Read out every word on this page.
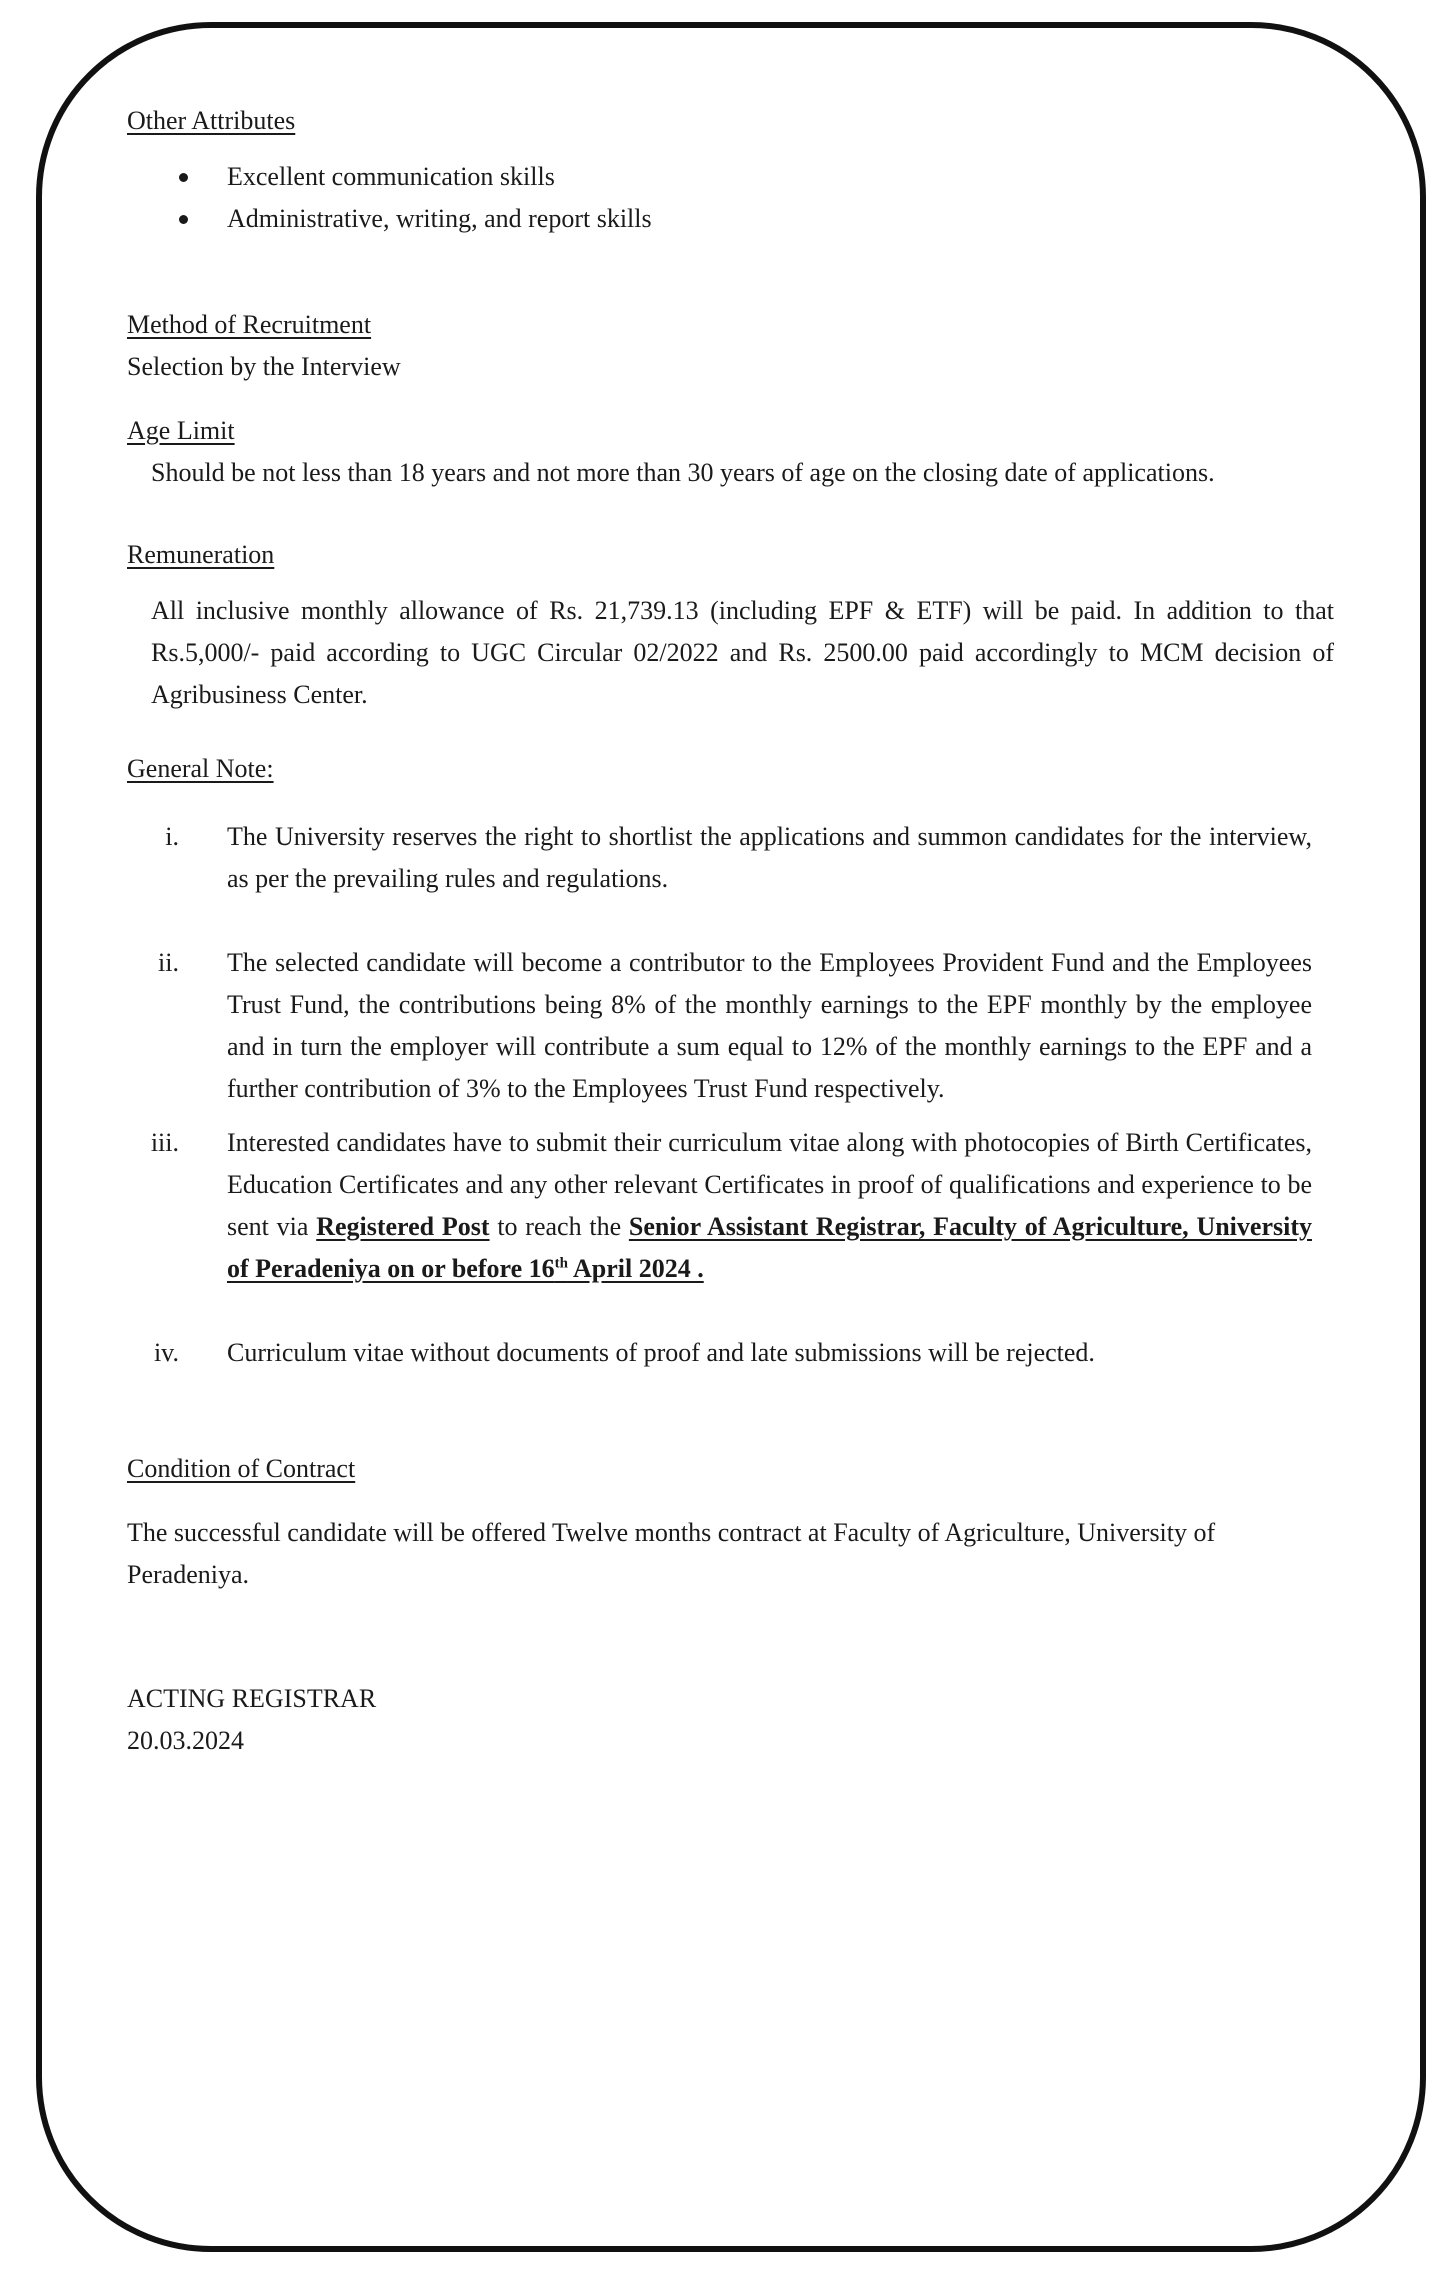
Other Attributes

Excellent communication skills
Administrative, writing, and report skills

Method of Recruitment

Selection by the Interview

Age Limit

Should be not less than 18 years and not more than 30 years of age on the closing date of applications.

Remuneration

All inclusive monthly allowance of Rs. 21,739.13 (including EPF & ETF) will be paid. In addition to that Rs.5,000/- paid according to UGC Circular 02/2022 and Rs. 2500.00 paid accordingly to MCM decision of Agribusiness Center.

General Note:

i. The University reserves the right to shortlist the applications and summon candidates for the interview, as per the prevailing rules and regulations.
ii. The selected candidate will become a contributor to the Employees Provident Fund and the Employees Trust Fund, the contributions being 8% of the monthly earnings to the EPF monthly by the employee and in turn the employer will contribute a sum equal to 12% of the monthly earnings to the EPF and a further contribution of 3% to the Employees Trust Fund respectively.
iii. Interested candidates have to submit their curriculum vitae along with photocopies of Birth Certificates, Education Certificates and any other relevant Certificates in proof of qualifications and experience to be sent via Registered Post to reach the Senior Assistant Registrar, Faculty of Agriculture, University of Peradeniya on or before 16th April 2024 .
iv. Curriculum vitae without documents of proof and late submissions will be rejected.

Condition of Contract

The successful candidate will be offered Twelve months contract at Faculty of Agriculture, University of Peradeniya.

ACTING REGISTRAR

20.03.2024
